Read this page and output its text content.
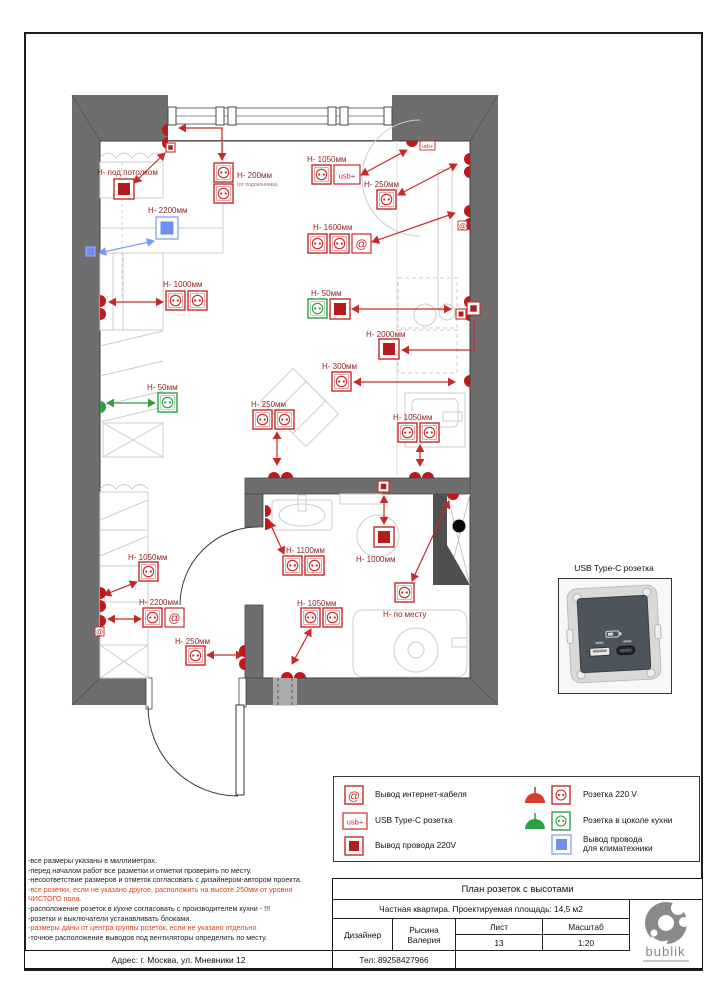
Н- под потолком	Н- 200мм
(от подоконника)
Н- 2200мм
Н- 1000мм
Н- 50мм
usb+
Н- 1050мм
Н- 250мм
@
Н- 1600мм
Н- 50мм
Н- 2000мм
Н- 300мм
Н- 250мм
Н- 1050мм
Н- 1000мм
Н- 1100мм
Н- по месту
Н- 1050мм
@
Н- 2200мм
Н- 250мм
Н- 1050мм
@
usb+
@
USB Type-C розетка
@ Вывод интернет-кабеля
usb+ USB Type-C розетка
Вывод провода 220V
Розетка 220 V
Розетка в цоколе кухни
Вывод провода
для климатехники
План розеток с высотами
Частная квартира. Проектируемая площадь: 14,5 м2
Дизайнер	Рысина
Валерия
Лист	Масштаб
13	1:20
Тел: 89258427966
bublik
-все размеры указаны в миллиметрах.
-перед началом работ все разметки и отметки проверить по месту.
-несоответствие размеров и отметок согласовать с дизайнером-автором проекта.
-все розетки, если не указано другое, расположить на высоте 250мм от уровня
ЧИСТОГО пола.
-расположение розеток в кухне согласовать с производителем кухни - !!!
-розетки и выключатели устанавливать блоками.
-размеры даны от центра группы розеток, если не указано отдельно.
-точное расположение выводов под вентиляторы определить по месту.
Адрес: г. Москва, ул. Мневники 12
